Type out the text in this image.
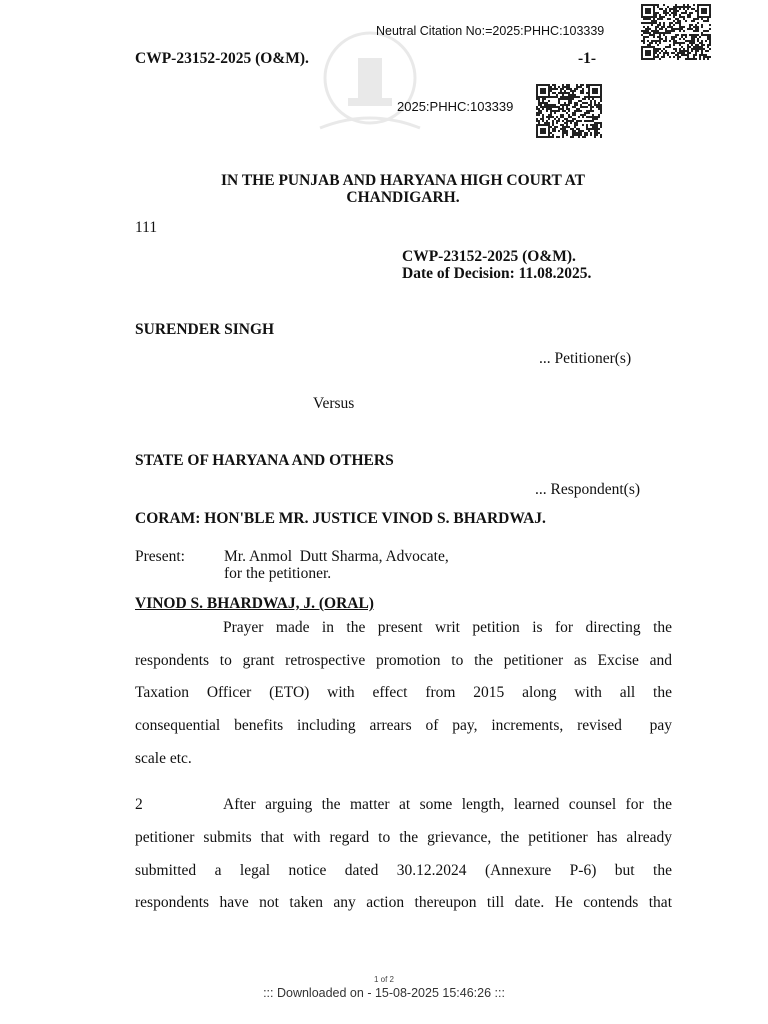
Neutral Citation No:=2025:PHHC:103339
CWP-23152-2025 (O&M).	-1-
2025:PHHC:103339
IN THE PUNJAB AND HARYANA HIGH COURT AT
CHANDIGARH.
111
CWP-23152-2025 (O&M).
Date of Decision: 11.08.2025.
SURENDER SINGH
... Petitioner(s)
Versus
STATE OF HARYANA AND OTHERS
... Respondent(s)
CORAM: HON'BLE MR. JUSTICE VINOD S. BHARDWAJ.
Present:	Mr. Anmol  Dutt Sharma, Advocate,
for the petitioner.
VINOD S. BHARDWAJ, J. (ORAL)
Prayer made in the present writ petition is for directing the
respondents to grant retrospective promotion to the petitioner as Excise and
Taxation Officer (ETO) with effect from 2015 along with all the
consequential benefits including arrears of pay, increments, revised  pay
scale etc.
2	After arguing the matter at some length, learned counsel for the
petitioner submits that with regard to the grievance, the petitioner has already
submitted a legal notice dated 30.12.2024 (Annexure P-6) but the
respondents have not taken any action thereupon till date. He contends that
1 of 2
::: Downloaded on - 15-08-2025 15:46:26 :::
